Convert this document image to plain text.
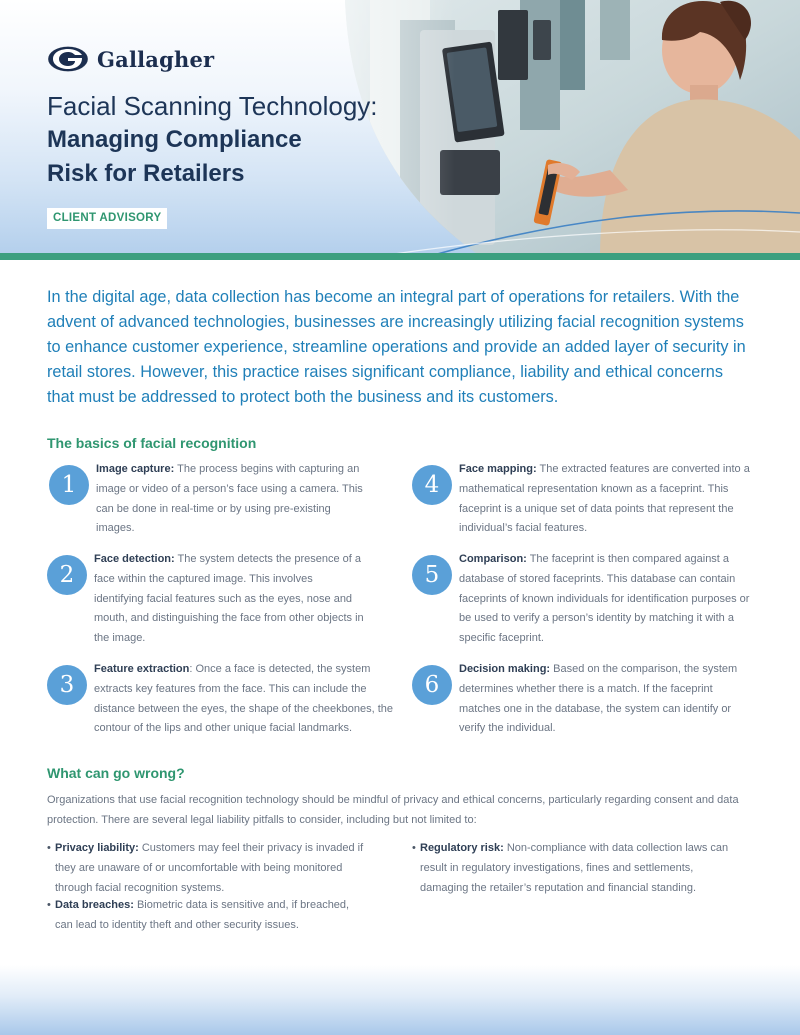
Gallagher
Facial Scanning Technology:
Managing Compliance
Risk for Retailers
CLIENT ADVISORY

In the digital age, data collection has become an integral part of operations for retailers. With the advent of advanced technologies, businesses are increasingly utilizing facial recognition systems to enhance customer experience, streamline operations and provide an added layer of security in retail stores. However, this practice raises significant compliance, liability and ethical concerns that must be addressed to protect both the business and its customers.

The basics of facial recognition
1

Image capture: The process begins with capturing an image or video of a person’s face using a camera. This can be done in real-time or by using pre-existing images.

2

Face detection: The system detects the presence of a face within the captured image. This involves identifying facial features such as the eyes, nose and mouth, and distinguishing the face from other objects in the image.

3

Feature extraction: Once a face is detected, the system extracts key features from the face. This can include the distance between the eyes, the shape of the cheekbones, the contour of the lips and other unique facial landmarks.

4

Face mapping: The extracted features are converted into a mathematical representation known as a faceprint. This faceprint is a unique set of data points that represent the individual’s facial features.

5

Comparison: The faceprint is then compared against a database of stored faceprints. This database can contain faceprints of known individuals for identification purposes or be used to verify a person’s identity by matching it with a specific faceprint.

6

Decision making: Based on the comparison, the system determines whether there is a match. If the faceprint matches one in the database, the system can identify or verify the individual.

What can go wrong?

Organizations that use facial recognition technology should be mindful of privacy and ethical concerns, particularly regarding consent and data protection. There are several legal liability pitfalls to consider, including but not limited to:

• Privacy liability: Customers may feel their privacy is invaded if they are unaware of or uncomfortable with being monitored through facial recognition systems.
• Data breaches: Biometric data is sensitive and, if breached, can lead to identity theft and other security issues.
• Regulatory risk: Non-compliance with data collection laws can result in regulatory investigations, fines and settlements, damaging the retailer’s reputation and financial standing.
